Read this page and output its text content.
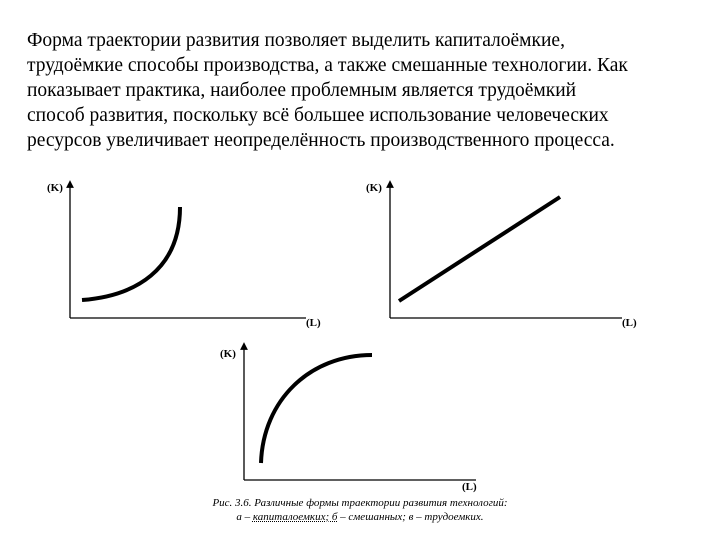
Форма траектории развития позволяет выделить капиталоёмкие,
трудоёмкие способы производства, а также смешанные технологии. Как
показывает практика, наиболее проблемным является трудоёмкий
способ развития, поскольку всё большее использование человеческих
ресурсов увеличивает неопределённость производственного процесса.
(K)
(L)
(K)
(L)
(K)
(L)
Рис. 3.6. Различные формы траектории развития технологий:
а – капиталоемких; б – смешанных; в – трудоемких.
